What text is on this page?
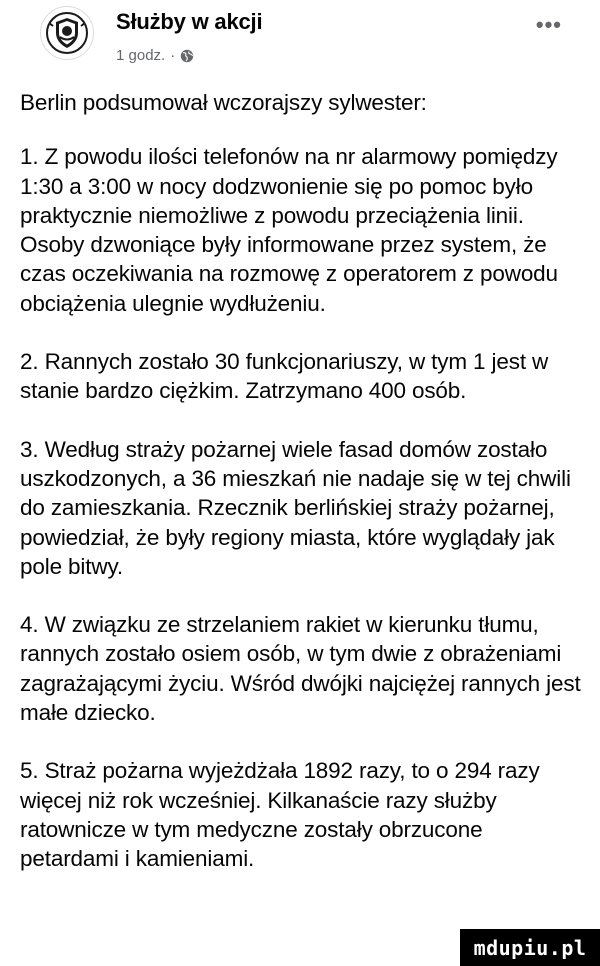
Służby w akcji
1 godz. ·
•••

Berlin podsumował wczorajszy sylwester:

1. Z powodu ilości telefonów na nr alarmowy pomiędzy 1:30 a 3:00 w nocy dodzwonienie się po pomoc było praktycznie niemożliwe z powodu przeciążenia linii. Osoby dzwoniące były informowane przez system, że czas oczekiwania na rozmowę z operatorem z powodu obciążenia ulegnie wydłużeniu.

2. Rannych zostało 30 funkcjonariuszy, w tym 1 jest w stanie bardzo ciężkim. Zatrzymano 400 osób.

3. Według straży pożarnej wiele fasad domów zostało uszkodzonych, a 36 mieszkań nie nadaje się w tej chwili do zamieszkania. Rzecznik berlińskiej straży pożarnej, powiedział, że były regiony miasta, które wyglądały jak pole bitwy.

4. W związku ze strzelaniem rakiet w kierunku tłumu, rannych zostało osiem osób, w tym dwie z obrażeniami zagrażającymi życiu. Wśród dwójki najciężej rannych jest małe dziecko.

5. Straż pożarna wyjeżdżała 1892 razy, to o 294 razy więcej niż rok wcześniej. Kilkanaście razy służby ratownicze w tym medyczne zostały obrzucone petardami i kamieniami.

mdupiu.pl
